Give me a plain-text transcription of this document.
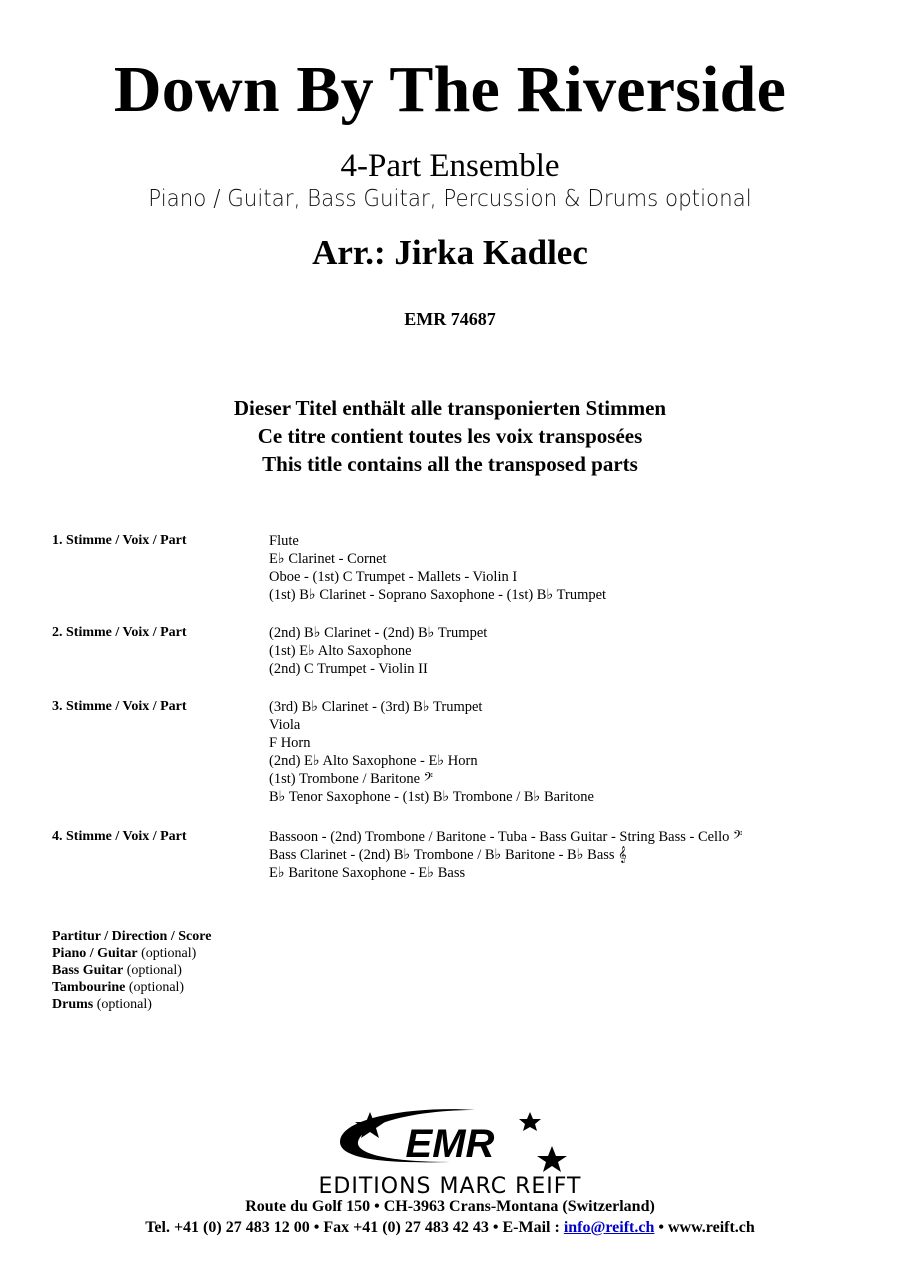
Down By The Riverside
4-Part Ensemble
Piano / Guitar, Bass Guitar, Percussion & Drums optional
Arr.: Jirka Kadlec
EMR 74687
Dieser Titel enthält alle transponierten Stimmen
Ce titre contient toutes les voix transposées
This title contains all the transposed parts
1. Stimme / Voix / Part	Flute
E♭ Clarinet - Cornet
Oboe - (1st) C Trumpet - Mallets - Violin I
(1st) B♭ Clarinet - Soprano Saxophone - (1st) B♭ Trumpet
2. Stimme / Voix / Part	(2nd) B♭ Clarinet - (2nd) B♭ Trumpet
(1st) E♭ Alto Saxophone
(2nd) C Trumpet - Violin II
3. Stimme / Voix / Part	(3rd) B♭ Clarinet - (3rd) B♭ Trumpet
Viola
F Horn
(2nd) E♭ Alto Saxophone - E♭ Horn
(1st) Trombone / Baritone 𝄢
B♭ Tenor Saxophone - (1st) B♭ Trombone / B♭ Baritone
4. Stimme / Voix / Part	Bassoon - (2nd) Trombone / Baritone - Tuba - Bass Guitar - String Bass - Cello 𝄢
Bass Clarinet - (2nd) B♭ Trombone / B♭ Baritone - B♭ Bass 𝄞
E♭ Baritone Saxophone - E♭ Bass
Partitur / Direction / Score
Piano / Guitar (optional)
Bass Guitar (optional)
Tambourine (optional)
Drums (optional)
EMR
EDITIONS MARC REIFT
Route du Golf 150 • CH-3963 Crans-Montana (Switzerland)
Tel. +41 (0) 27 483 12 00 • Fax +41 (0) 27 483 42 43 • E-Mail : info@reift.ch • www.reift.ch
